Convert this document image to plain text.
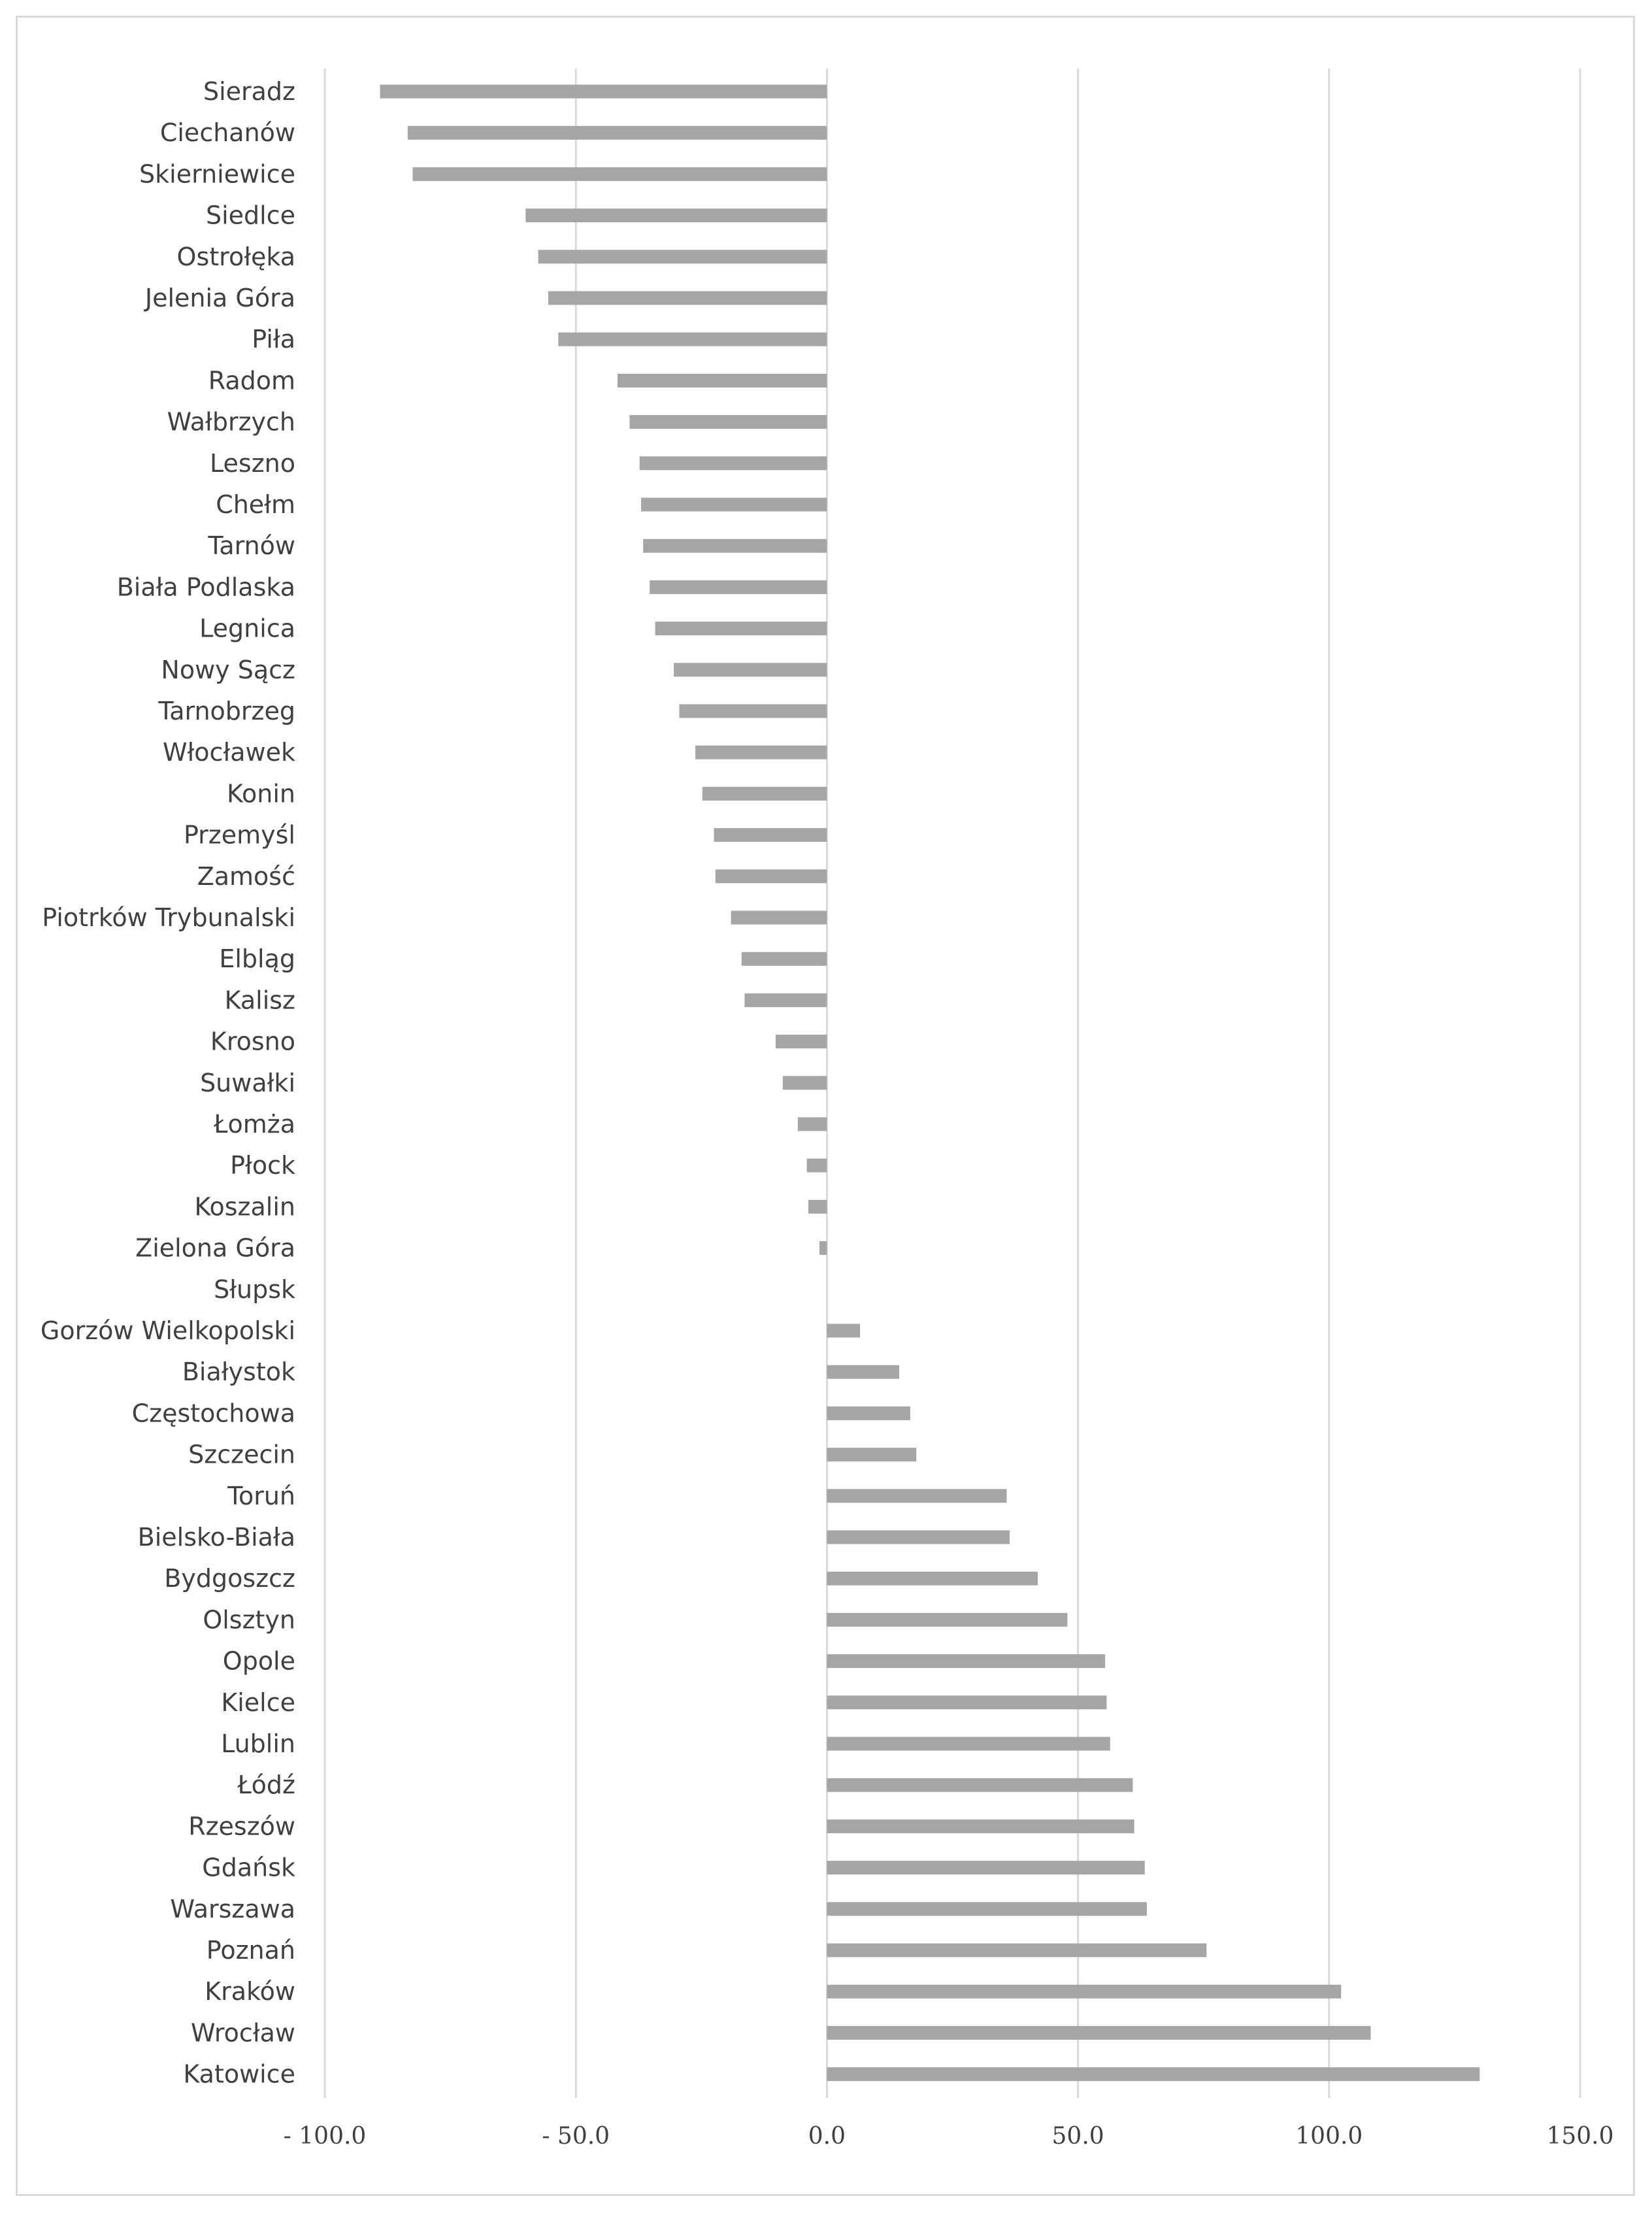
Sieradz
Ciechanów
Skierniewice
Siedlce
Ostrołęka
Jelenia Góra
Piła
Radom
Wałbrzych
Leszno
Chełm
Tarnów
Biała Podlaska
Legnica
Nowy Sącz
Tarnobrzeg
Włocławek
Konin
Przemyśl
Zamość
Piotrków Trybunalski
Elbląg
Kalisz
Krosno
Suwałki
Łomża
Płock
Koszalin
Zielona Góra
Słupsk
Gorzów Wielkopolski
Białystok
Częstochowa
Szczecin
Toruń
Bielsko-Biała
Bydgoszcz
Olsztyn
Opole
Kielce
Lublin
Łódź
Rzeszów
Gdańsk
Warszawa
Poznań
Kraków
Wrocław
Katowice
- 100.0	- 50.0	0.0	50.0	100.0	150.0
